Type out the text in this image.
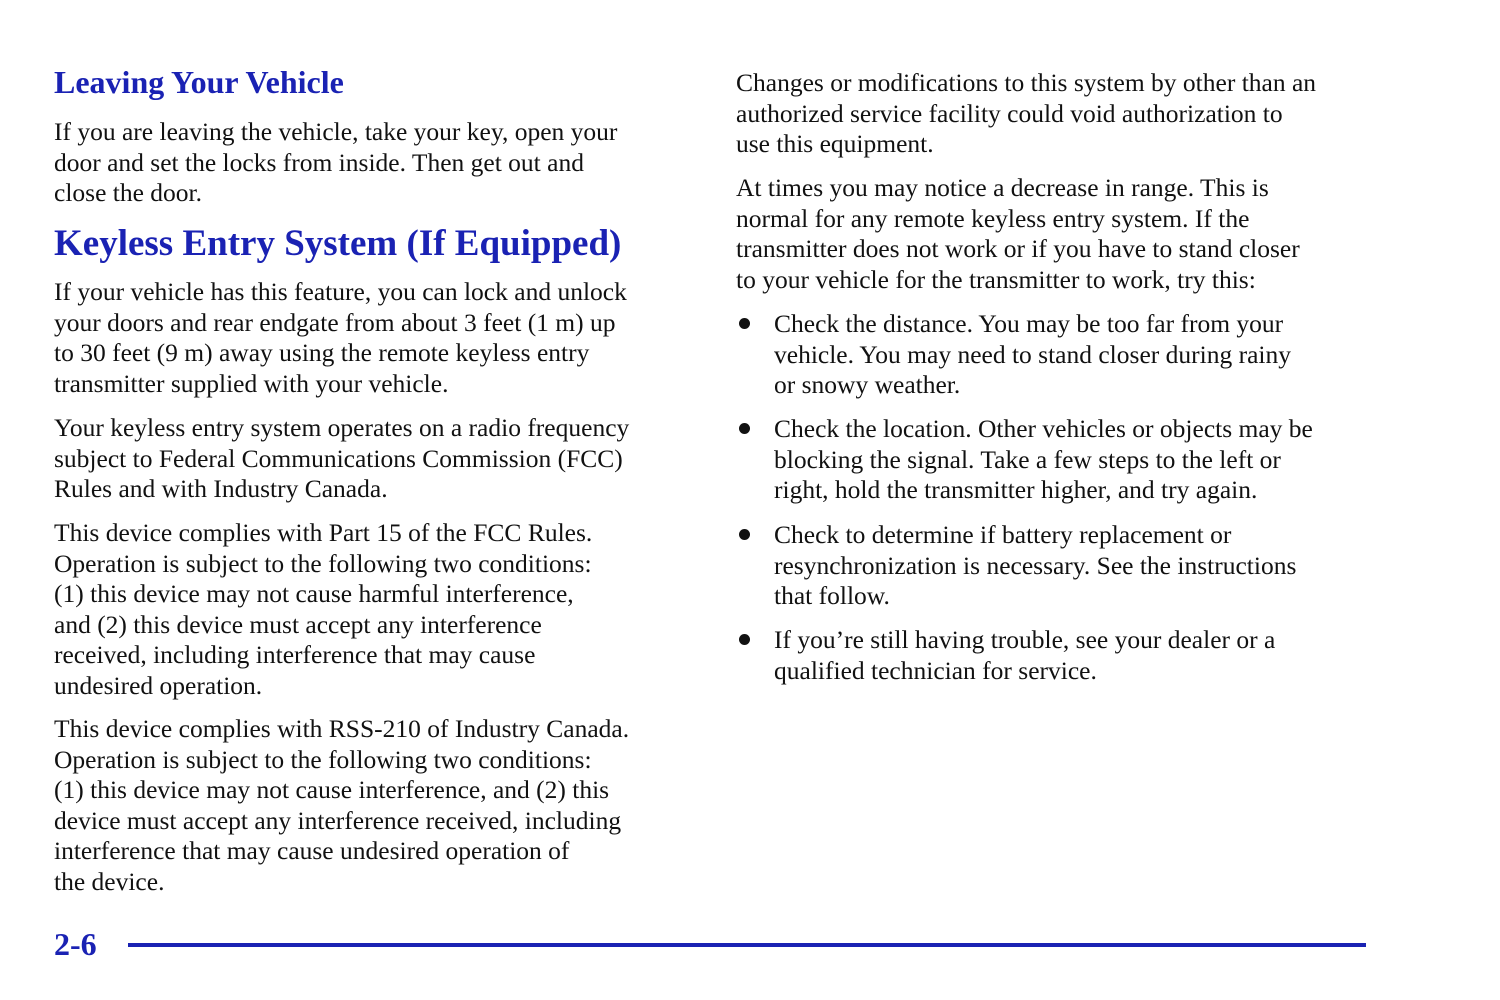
Leaving Your Vehicle

If you are leaving the vehicle, take your key, open your
door and set the locks from inside. Then get out and
close the door.

Keyless Entry System (If Equipped)

If your vehicle has this feature, you can lock and unlock
your doors and rear endgate from about 3 feet (1 m) up
to 30 feet (9 m) away using the remote keyless entry
transmitter supplied with your vehicle.

Your keyless entry system operates on a radio frequency
subject to Federal Communications Commission (FCC)
Rules and with Industry Canada.

This device complies with Part 15 of the FCC Rules.
Operation is subject to the following two conditions:
(1) this device may not cause harmful interference,
and (2) this device must accept any interference
received, including interference that may cause
undesired operation.

This device complies with RSS-210 of Industry Canada.
Operation is subject to the following two conditions:
(1) this device may not cause interference, and (2) this
device must accept any interference received, including
interference that may cause undesired operation of
the device.

Changes or modifications to this system by other than an
authorized service facility could void authorization to
use this equipment.

At times you may notice a decrease in range. This is
normal for any remote keyless entry system. If the
transmitter does not work or if you have to stand closer
to your vehicle for the transmitter to work, try this:

Check the distance. You may be too far from your
vehicle. You may need to stand closer during rainy
or snowy weather.

Check the location. Other vehicles or objects may be
blocking the signal. Take a few steps to the left or
right, hold the transmitter higher, and try again.

Check to determine if battery replacement or
resynchronization is necessary. See the instructions
that follow.

If you’re still having trouble, see your dealer or a
qualified technician for service.

2-6
